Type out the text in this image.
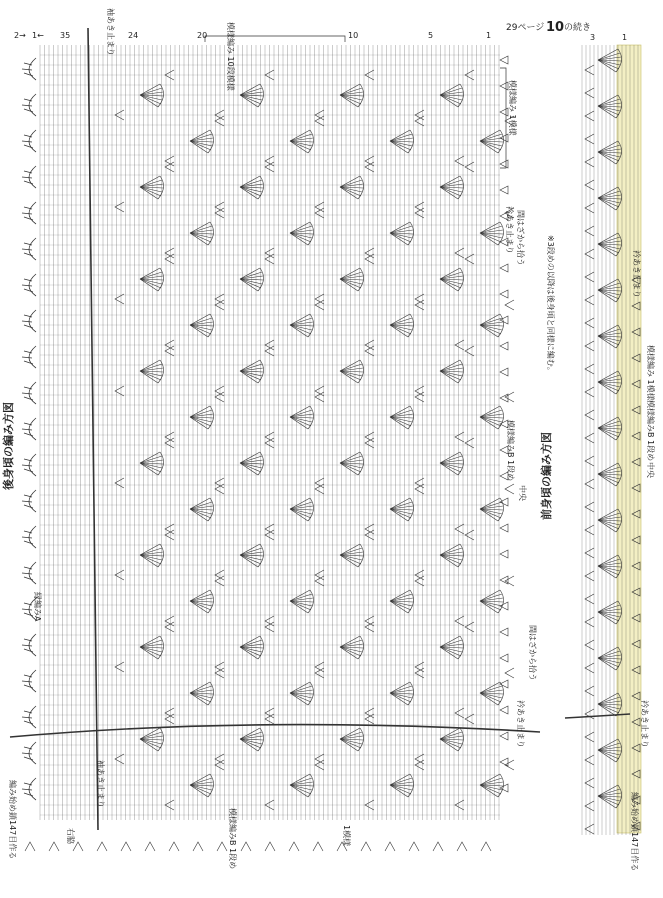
後身頃の編み方図
袖あき止まり	模様編み 10段模様
模様編み 1模様
衿あき止まり 間はざから拾う
模様編みB 1段め
中央
間はざから拾う
衿あき止まり
縁編みA
編み始め鎖147目作る	袖あき止まり
模様編みB 1段め	1模様
右脇
2→ 1← 35	24	20	10	5	1
29ページ 10 の続き
前身頃の編み方図
※3段めの以降は後身頃と同様に編む。	衿あき止まり
模様編み 1模様
模様編みB 1段め
中央
衿あき止まり
編み始め鎖147目作る
3	1
